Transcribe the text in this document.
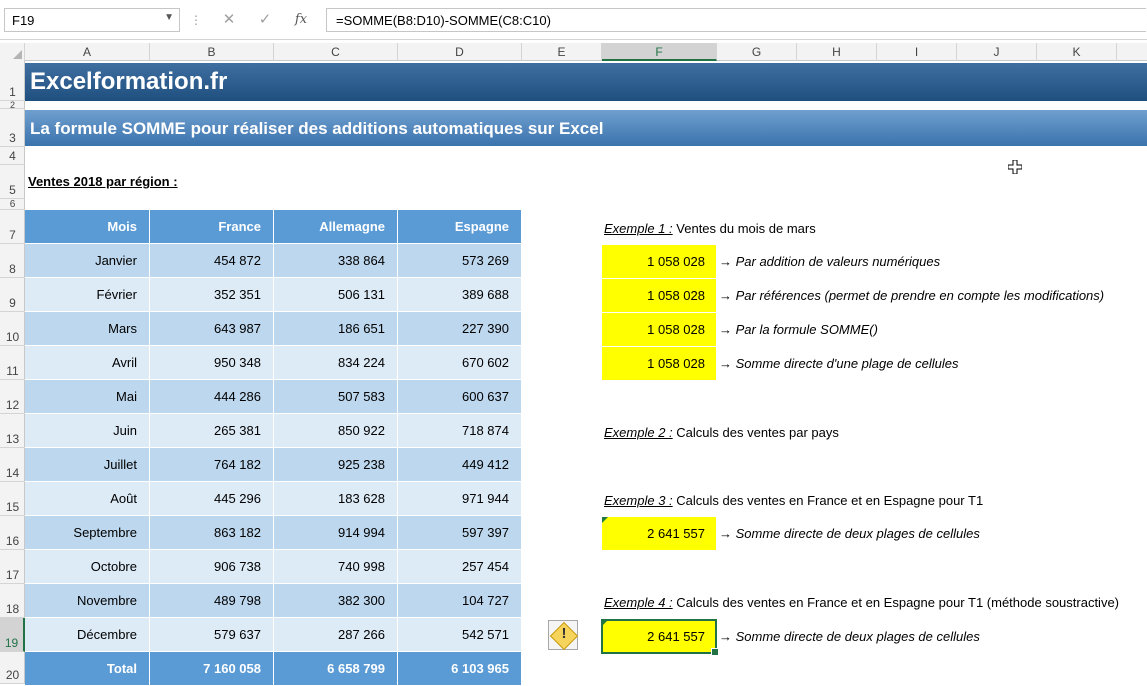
F19	▼ ⋮	✕	✓	fx	=SOMME(B8:D10)-SOMME(C8:C10)
A	B	C	D	E	F	G	H	I	J	K
1
2
3
4
5
6
7
8
9
10
11
12
13
14
15
16
17
18
19
20
Excelformation.fr
La formule SOMME pour réaliser des additions automatiques sur Excel
Ventes 2018 par région :
Mois	France	Allemagne	Espagne
Janvier	454 872	338 864	573 269
Février	352 351	506 131	389 688
Mars	643 987	186 651	227 390
Avril	950 348	834 224	670 602
Mai	444 286	507 583	600 637
Juin	265 381	850 922	718 874
Juillet	764 182	925 238	449 412
Août	445 296	183 628	971 944
Septembre	863 182	914 994	597 397
Octobre	906 738	740 998	257 454
Novembre	489 798	382 300	104 727
Décembre	579 637	287 266	542 571
Total	7 160 058	6 658 799	6 103 965
Exemple 1 : Ventes du mois de mars
1 058 028	→ Par addition de valeurs numériques
1 058 028	→ Par références (permet de prendre en compte les modifications)
1 058 028	→ Par la formule SOMME()
1 058 028	→ Somme directe d'une plage de cellules
Exemple 2 : Calculs des ventes par pays
Exemple 3 : Calculs des ventes en France et en Espagne pour T1
2 641 557	→ Somme directe de deux plages de cellules
Exemple 4 : Calculs des ventes en France et en Espagne pour T1 (méthode soustractive)
2 641 557	→ Somme directe de deux plages de cellules
!
